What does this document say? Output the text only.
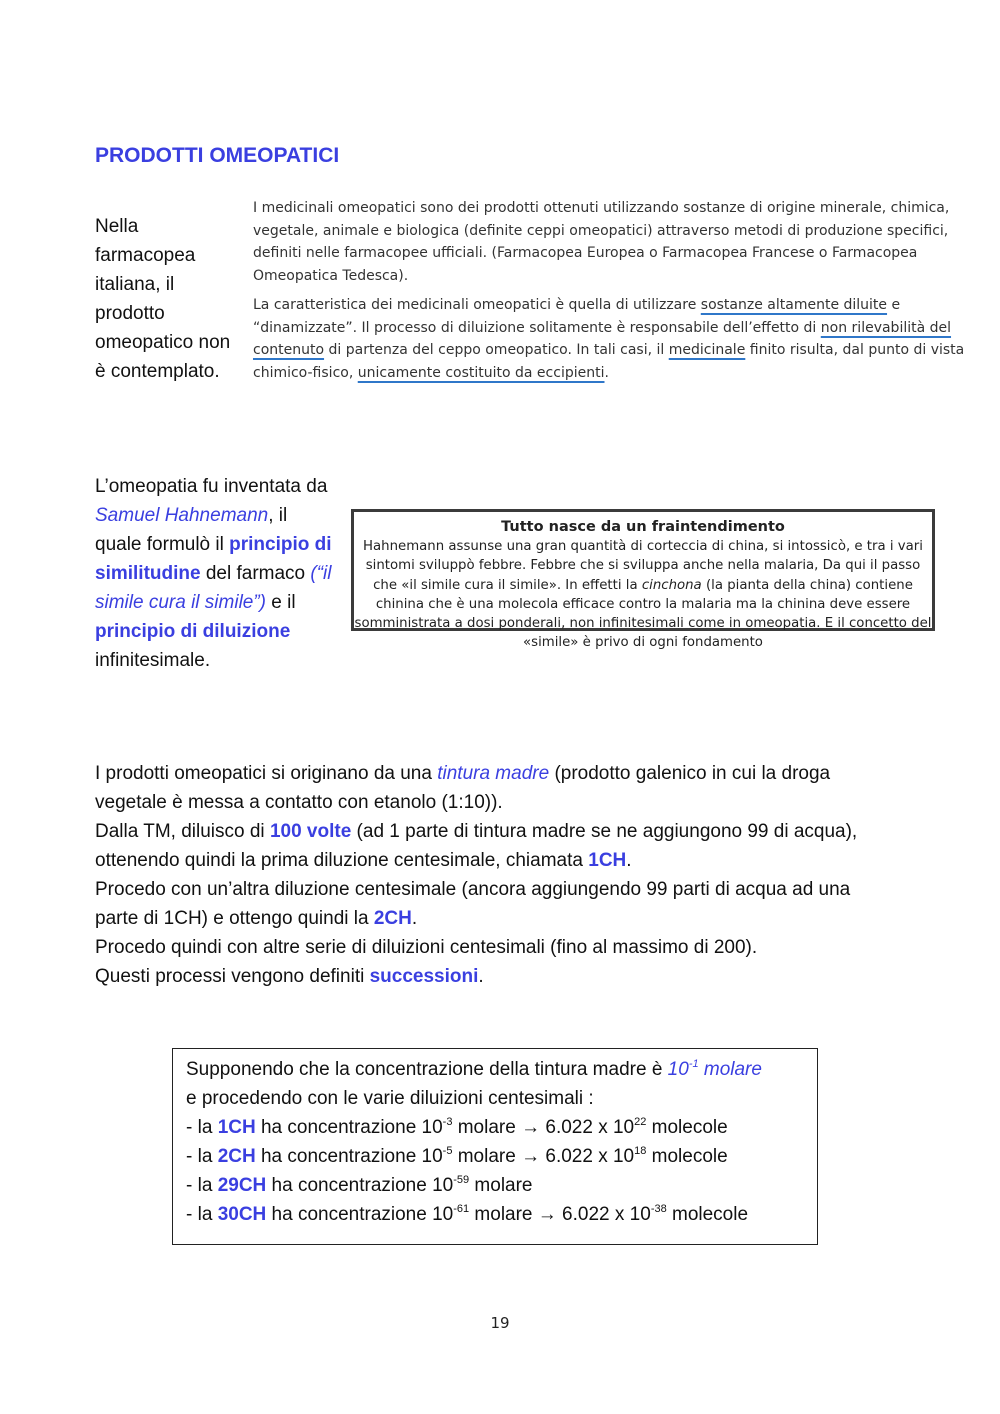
PRODOTTI OMEOPATICI
Nella farmacopea italiana, il prodotto omeopatico non è contemplato.

I medicinali omeopatici sono dei prodotti ottenuti utilizzando sostanze di origine minerale, chimica, vegetale, animale e biologica (definite ceppi omeopatici) attraverso metodi di produzione specifici, definiti nelle farmacopee ufficiali. (Farmacopea Europea o Farmacopea Francese o Farmacopea Omeopatica Tedesca).

La caratteristica dei medicinali omeopatici è quella di utilizzare sostanze altamente diluite e “dinamizzate”. Il processo di diluizione solitamente è responsabile dell’effetto di non rilevabilità del contenuto di partenza del ceppo omeopatico. In tali casi, il medicinale finito risulta, dal punto di vista chimico-fisico, unicamente costituito da eccipienti.

L’omeopatia fu inventata da Samuel Hahnemann, il quale formulò il principio di similitudine del farmaco (“il simile cura il simile”) e il principio di diluizione infinitesimale.
Tutto nasce da un fraintendimento
Hahnemann assunse una gran quantità di corteccia di china, si intossicò, e tra i vari sintomi sviluppò febbre. Febbre che si sviluppa anche nella malaria, Da qui il passo che «il simile cura il simile». In effetti la cinchona (la pianta della china) contiene chinina che è una molecola efficace contro la malaria ma la chinina deve essere somministrata a dosi ponderali, non infinitesimali come in omeopatia. E il concetto del «simile» è privo di ogni fondamento
I prodotti omeopatici si originano da una tintura madre (prodotto galenico in cui la droga
vegetale è messa a contatto con etanolo (1:10)).
Dalla TM, diluisco di 100 volte (ad 1 parte di tintura madre se ne aggiungono 99 di acqua),
ottenendo quindi la prima diluzione centesimale, chiamata 1CH.
Procedo con un’altra diluzione centesimale (ancora aggiungendo 99 parti di acqua ad una
parte di 1CH) e ottengo quindi la 2CH.
Procedo quindi con altre serie di diluizioni centesimali (fino al massimo di 200).
Questi processi vengono definiti successioni.
Supponendo che la concentrazione della tintura madre è $10^{-1}$ molare
e procedendo con le varie diluizioni centesimali :
- la 1CH ha concentrazione $10^{-3}$ molare → 6.022 x $10^{22}$ molecole
- la 2CH ha concentrazione $10^{-5}$ molare → 6.022 x $10^{18}$ molecole
- la 29CH ha concentrazione $10^{-59}$ molare
- la 30CH ha concentrazione $10^{-61}$ molare → 6.022 x $10^{-38}$ molecole
19
